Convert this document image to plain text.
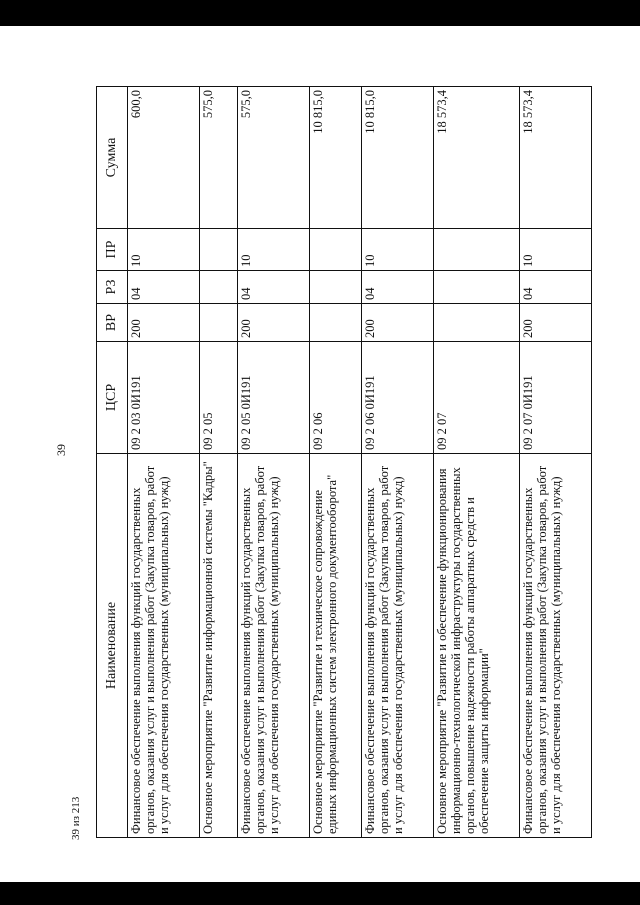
39
Наименование	ЦСР	ВР	РЗ	ПР	Сумма
Финансовое обеспечение выполнения функций государственных органов, оказания услуг и выполнения работ (Закупка товаров, работ и услуг для обеспечения государственных (муниципальных) нужд)	09 2 03 0И191	200	04	10	600,0
Основное мероприятие "Развитие информационной системы "Кадры"	09 2 05				575,0
Финансовое обеспечение выполнения функций государственных органов, оказания услуг и выполнения работ (Закупка товаров, работ и услуг для обеспечения государственных (муниципальных) нужд)	09 2 05 0И191	200	04	10	575,0
Основное мероприятие "Развитие и техническое сопровождение единых информационных систем электронного документооборота"	09 2 06				10 815,0
Финансовое обеспечение выполнения функций государственных органов, оказания услуг и выполнения работ (Закупка товаров, работ и услуг для обеспечения государственных (муниципальных) нужд)	09 2 06 0И191	200	04	10	10 815,0
Основное мероприятие "Развитие и обеспечение функционирования информационно-технологической инфраструктуры государственных органов, повышение надежности работы аппаратных средств и обеспечение защиты информации"	09 2 07				18 573,4
Финансовое обеспечение выполнения функций государственных органов, оказания услуг и выполнения работ (Закупка товаров, работ и услуг для обеспечения государственных (муниципальных) нужд)	09 2 07 0И191	200	04	10	18 573,4
39 из 213
